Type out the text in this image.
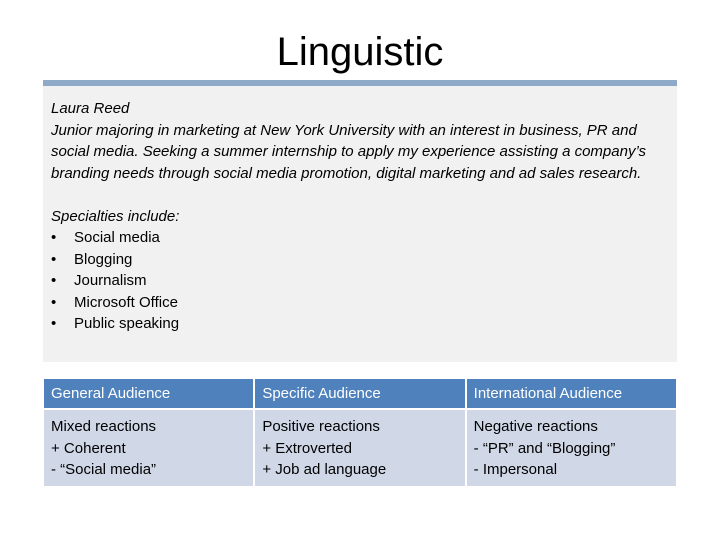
Linguistic

Laura Reed

Junior majoring in marketing at New York University with an interest in business, PR and social media. Seeking a summer internship to apply my experience assisting a company’s branding needs through social media promotion, digital marketing and ad sales research.

Specialties include:

•	Social media
•	Blogging
•	Journalism
•	Microsoft Office
•	Public speaking
General Audience	Specific Audience	International Audience

Mixed reactions
+ Coherent
- “Social media”	Positive reactions
+ Extroverted
+ Job ad language	Negative reactions
- “PR” and “Blogging”
- Impersonal
